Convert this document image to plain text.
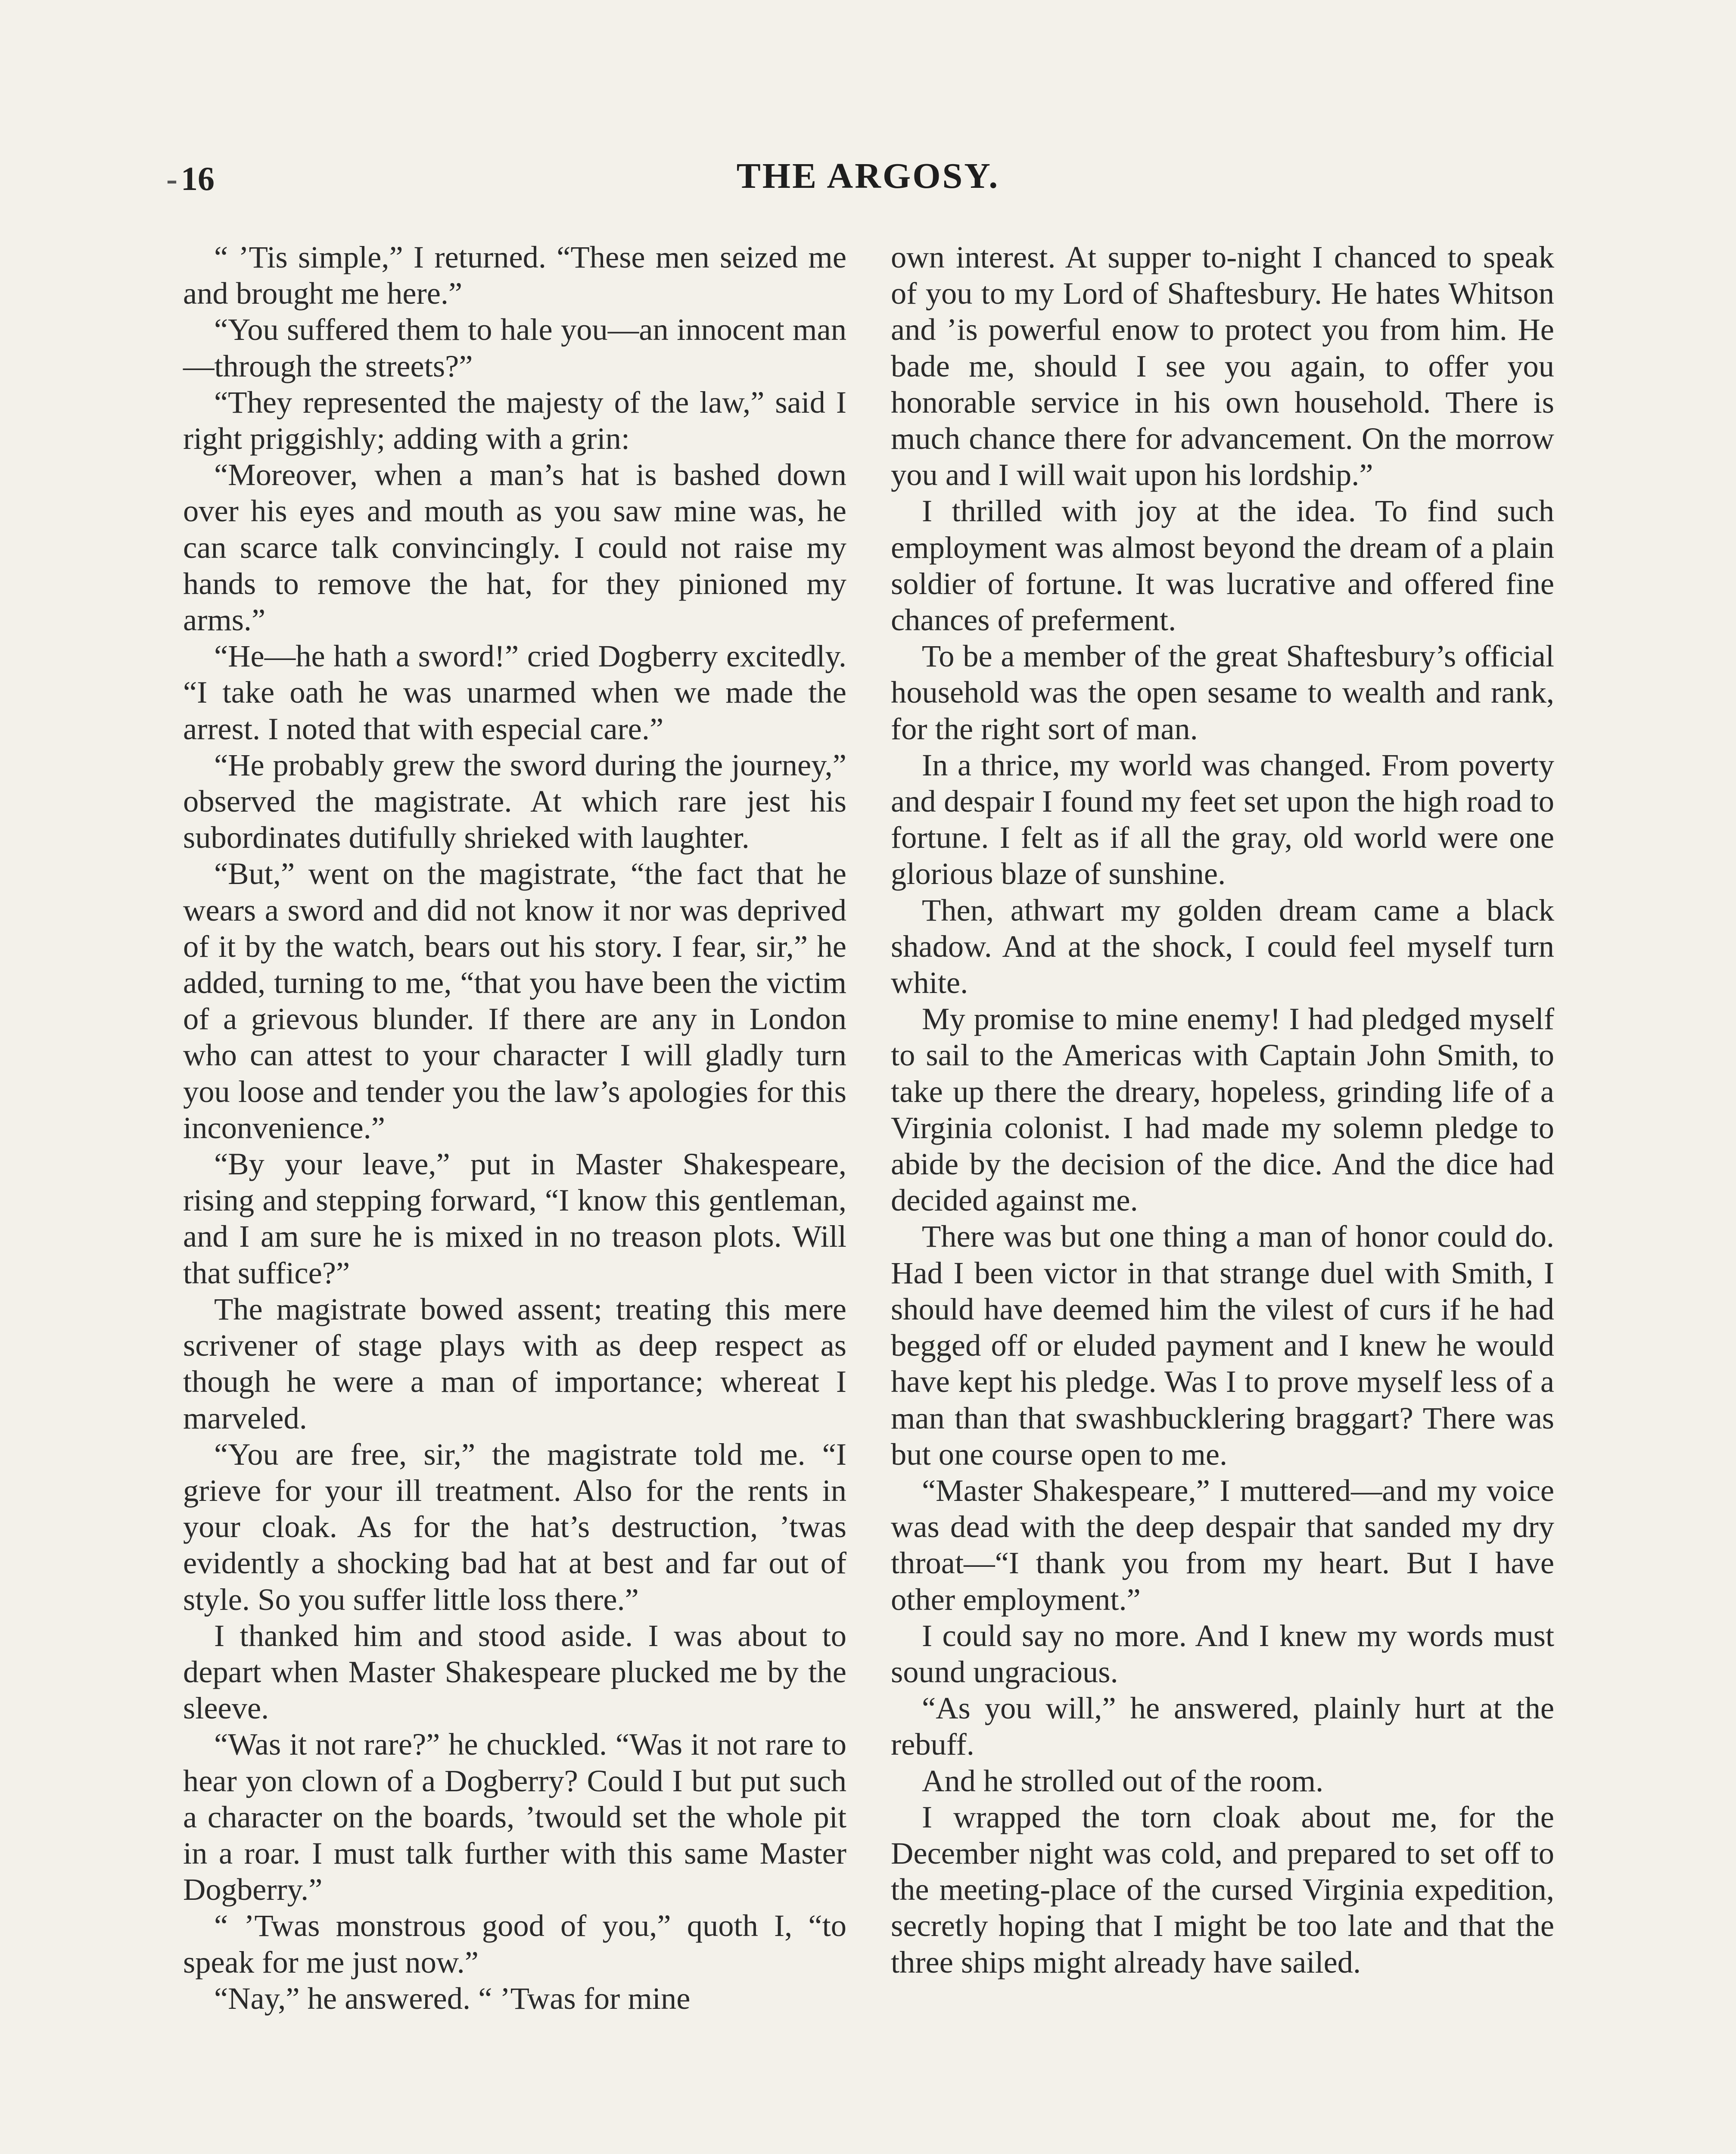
- 16	THE ARGOSY.

“ ’Tis simple,” I returned. “These men seized me and brought me here.”

“You suffered them to hale you—an innocent man—through the streets?”

“They represented the majesty of the law,” said I right priggishly; adding with a grin:

“Moreover, when a man’s hat is bashed down over his eyes and mouth as you saw mine was, he can scarce talk convincingly. I could not raise my hands to remove the hat, for they pinioned my arms.”

“He—he hath a sword!” cried Dogberry excitedly. “I take oath he was unarmed when we made the arrest. I noted that with especial care.”

“He probably grew the sword during the journey,” observed the magistrate. At which rare jest his subordinates dutifully shrieked with laughter.

“But,” went on the magistrate, “the fact that he wears a sword and did not know it nor was deprived of it by the watch, bears out his story. I fear, sir,” he added, turning to me, “that you have been the victim of a grievous blunder. If there are any in London who can attest to your character I will gladly turn you loose and tender you the law’s apologies for this inconvenience.”

“By your leave,” put in Master Shakespeare, rising and stepping forward, “I know this gentleman, and I am sure he is mixed in no treason plots. Will that suffice?”

The magistrate bowed assent; treating this mere scrivener of stage plays with as deep respect as though he were a man of importance; whereat I marveled.

“You are free, sir,” the magistrate told me. “I grieve for your ill treatment. Also for the rents in your cloak. As for the hat’s destruction, ’twas evidently a shocking bad hat at best and far out of style. So you suffer little loss there.”

I thanked him and stood aside. I was about to depart when Master Shakespeare plucked me by the sleeve.

“Was it not rare?” he chuckled. “Was it not rare to hear yon clown of a Dogberry? Could I but put such a character on the boards, ’twould set the whole pit in a roar. I must talk further with this same Master Dogberry.”

“ ’Twas monstrous good of you,” quoth I, “to speak for me just now.”

“Nay,” he answered. “ ’Twas for mine

own interest. At supper to-night I chanced to speak of you to my Lord of Shaftesbury. He hates Whitson and ’is powerful enow to protect you from him. He bade me, should I see you again, to offer you honorable service in his own household. There is much chance there for advancement. On the morrow you and I will wait upon his lordship.”

I thrilled with joy at the idea. To find such employment was almost beyond the dream of a plain soldier of fortune. It was lucrative and offered fine chances of preferment.

To be a member of the great Shaftesbury’s official household was the open sesame to wealth and rank, for the right sort of man.

In a thrice, my world was changed. From poverty and despair I found my feet set upon the high road to fortune. I felt as if all the gray, old world were one glorious blaze of sunshine.

Then, athwart my golden dream came a black shadow. And at the shock, I could feel myself turn white.

My promise to mine enemy! I had pledged myself to sail to the Americas with Captain John Smith, to take up there the dreary, hopeless, grinding life of a Virginia colonist. I had made my solemn pledge to abide by the decision of the dice. And the dice had decided against me.

There was but one thing a man of honor could do. Had I been victor in that strange duel with Smith, I should have deemed him the vilest of curs if he had begged off or eluded payment and I knew he would have kept his pledge. Was I to prove myself less of a man than that swashbucklering braggart? There was but one course open to me.

“Master Shakespeare,” I muttered—and my voice was dead with the deep despair that sanded my dry throat—“I thank you from my heart. But I have other employment.”

I could say no more. And I knew my words must sound ungracious.

“As you will,” he answered, plainly hurt at the rebuff.

And he strolled out of the room.

I wrapped the torn cloak about me, for the December night was cold, and prepared to set off to the meeting-place of the cursed Virginia expedition, secretly hoping that I might be too late and that the three ships might already have sailed.
